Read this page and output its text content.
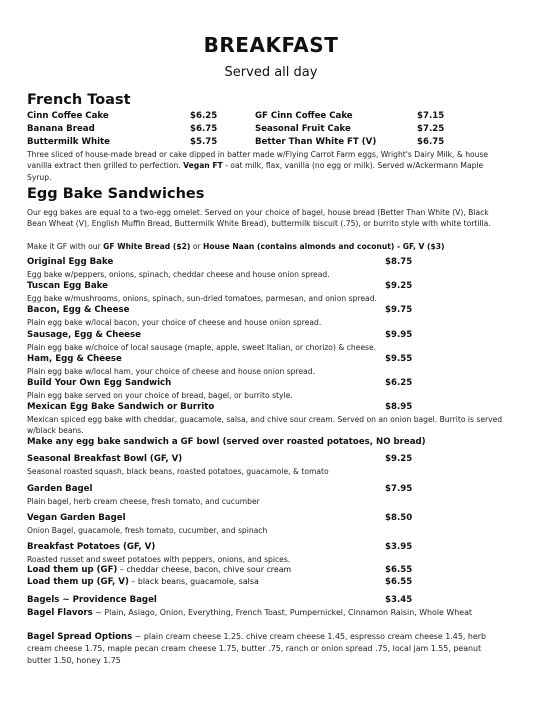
BREAKFAST
Served all day
French Toast
Cinn Coffee Cake	$6.25	GF Cinn Coffee Cake	$7.15
Banana Bread	$6.75	Seasonal Fruit Cake	$7.25
Buttermilk White	$5.75	Better Than White FT (V)	$6.75
Three sliced of house-made bread or cake dipped in batter made w/Flying Carrot Farm eggs, Wright's Dairy Milk, & house vanilla extract then grilled to perfection. Vegan FT - oat milk, flax, vanilla (no egg or milk). Served w/Ackermann Maple Syrup.
Egg Bake Sandwiches
Our egg bakes are equal to a two-egg omelet. Served on your choice of bagel, house bread (Better Than White (V), Black Bean Wheat (V), English Muffin Bread, Buttermilk White Bread), buttermilk biscuit (.75), or burrito style with white tortilla.
Make it GF with our GF White Bread ($2) or House Naan (contains almonds and coconut) - GF, V ($3)
Original Egg Bake	$8.75
Egg bake w/peppers, onions, spinach, cheddar cheese and house onion spread.
Tuscan Egg Bake	$9.25
Egg bake w/mushrooms, onions, spinach, sun-dried tomatoes, parmesan, and onion spread.
Bacon, Egg & Cheese	$9.75
Plain egg bake w/local bacon, your choice of cheese and house onion spread.
Sausage, Egg & Cheese	$9.95
Plain egg bake w/choice of local sausage (maple, apple, sweet Italian, or chorizo) & cheese.
Ham, Egg & Cheese	$9.55
Plain egg bake w/local ham, your choice of cheese and house onion spread.
Build Your Own Egg Sandwich	$6.25
Plain egg bake served on your choice of bread, bagel, or burrito style.
Mexican Egg Bake Sandwich or Burrito	$8.95
Mexican spiced egg bake with cheddar, guacamole, salsa, and chive sour cream. Served on an onion bagel. Burrito is served w/black beans.
Make any egg bake sandwich a GF bowl (served over roasted potatoes, NO bread)
Seasonal Breakfast Bowl (GF, V)	$9.25
Seasonal roasted squash, black beans, roasted potatoes, guacamole, & tomato
Garden Bagel	$7.95
Plain bagel, herb cream cheese, fresh tomato, and cucumber
Vegan Garden Bagel	$8.50
Onion Bagel, guacamole, fresh tomato, cucumber, and spinach
Breakfast Potatoes (GF, V)	$3.95
Roasted russet and sweet potatoes with peppers, onions, and spices.
Load them up (GF) – cheddar cheese, bacon, chive sour cream	$6.55
Load them up (GF, V) – black beans, guacamole, salsa	$6.55
Bagels ~ Providence Bagel	$3.45
Bagel Flavors ~ Plain, Asiago, Onion, Everything, French Toast, Pumpernickel, Cinnamon Raisin, Whole Wheat
Bagel Spread Options ~ plain cream cheese 1.25. chive cream cheese 1.45, espresso cream cheese 1.45, herb cream cheese 1.75, maple pecan cream cheese 1.75, butter .75, ranch or onion spread .75, local jam 1.55, peanut butter 1.50, honey 1.75
